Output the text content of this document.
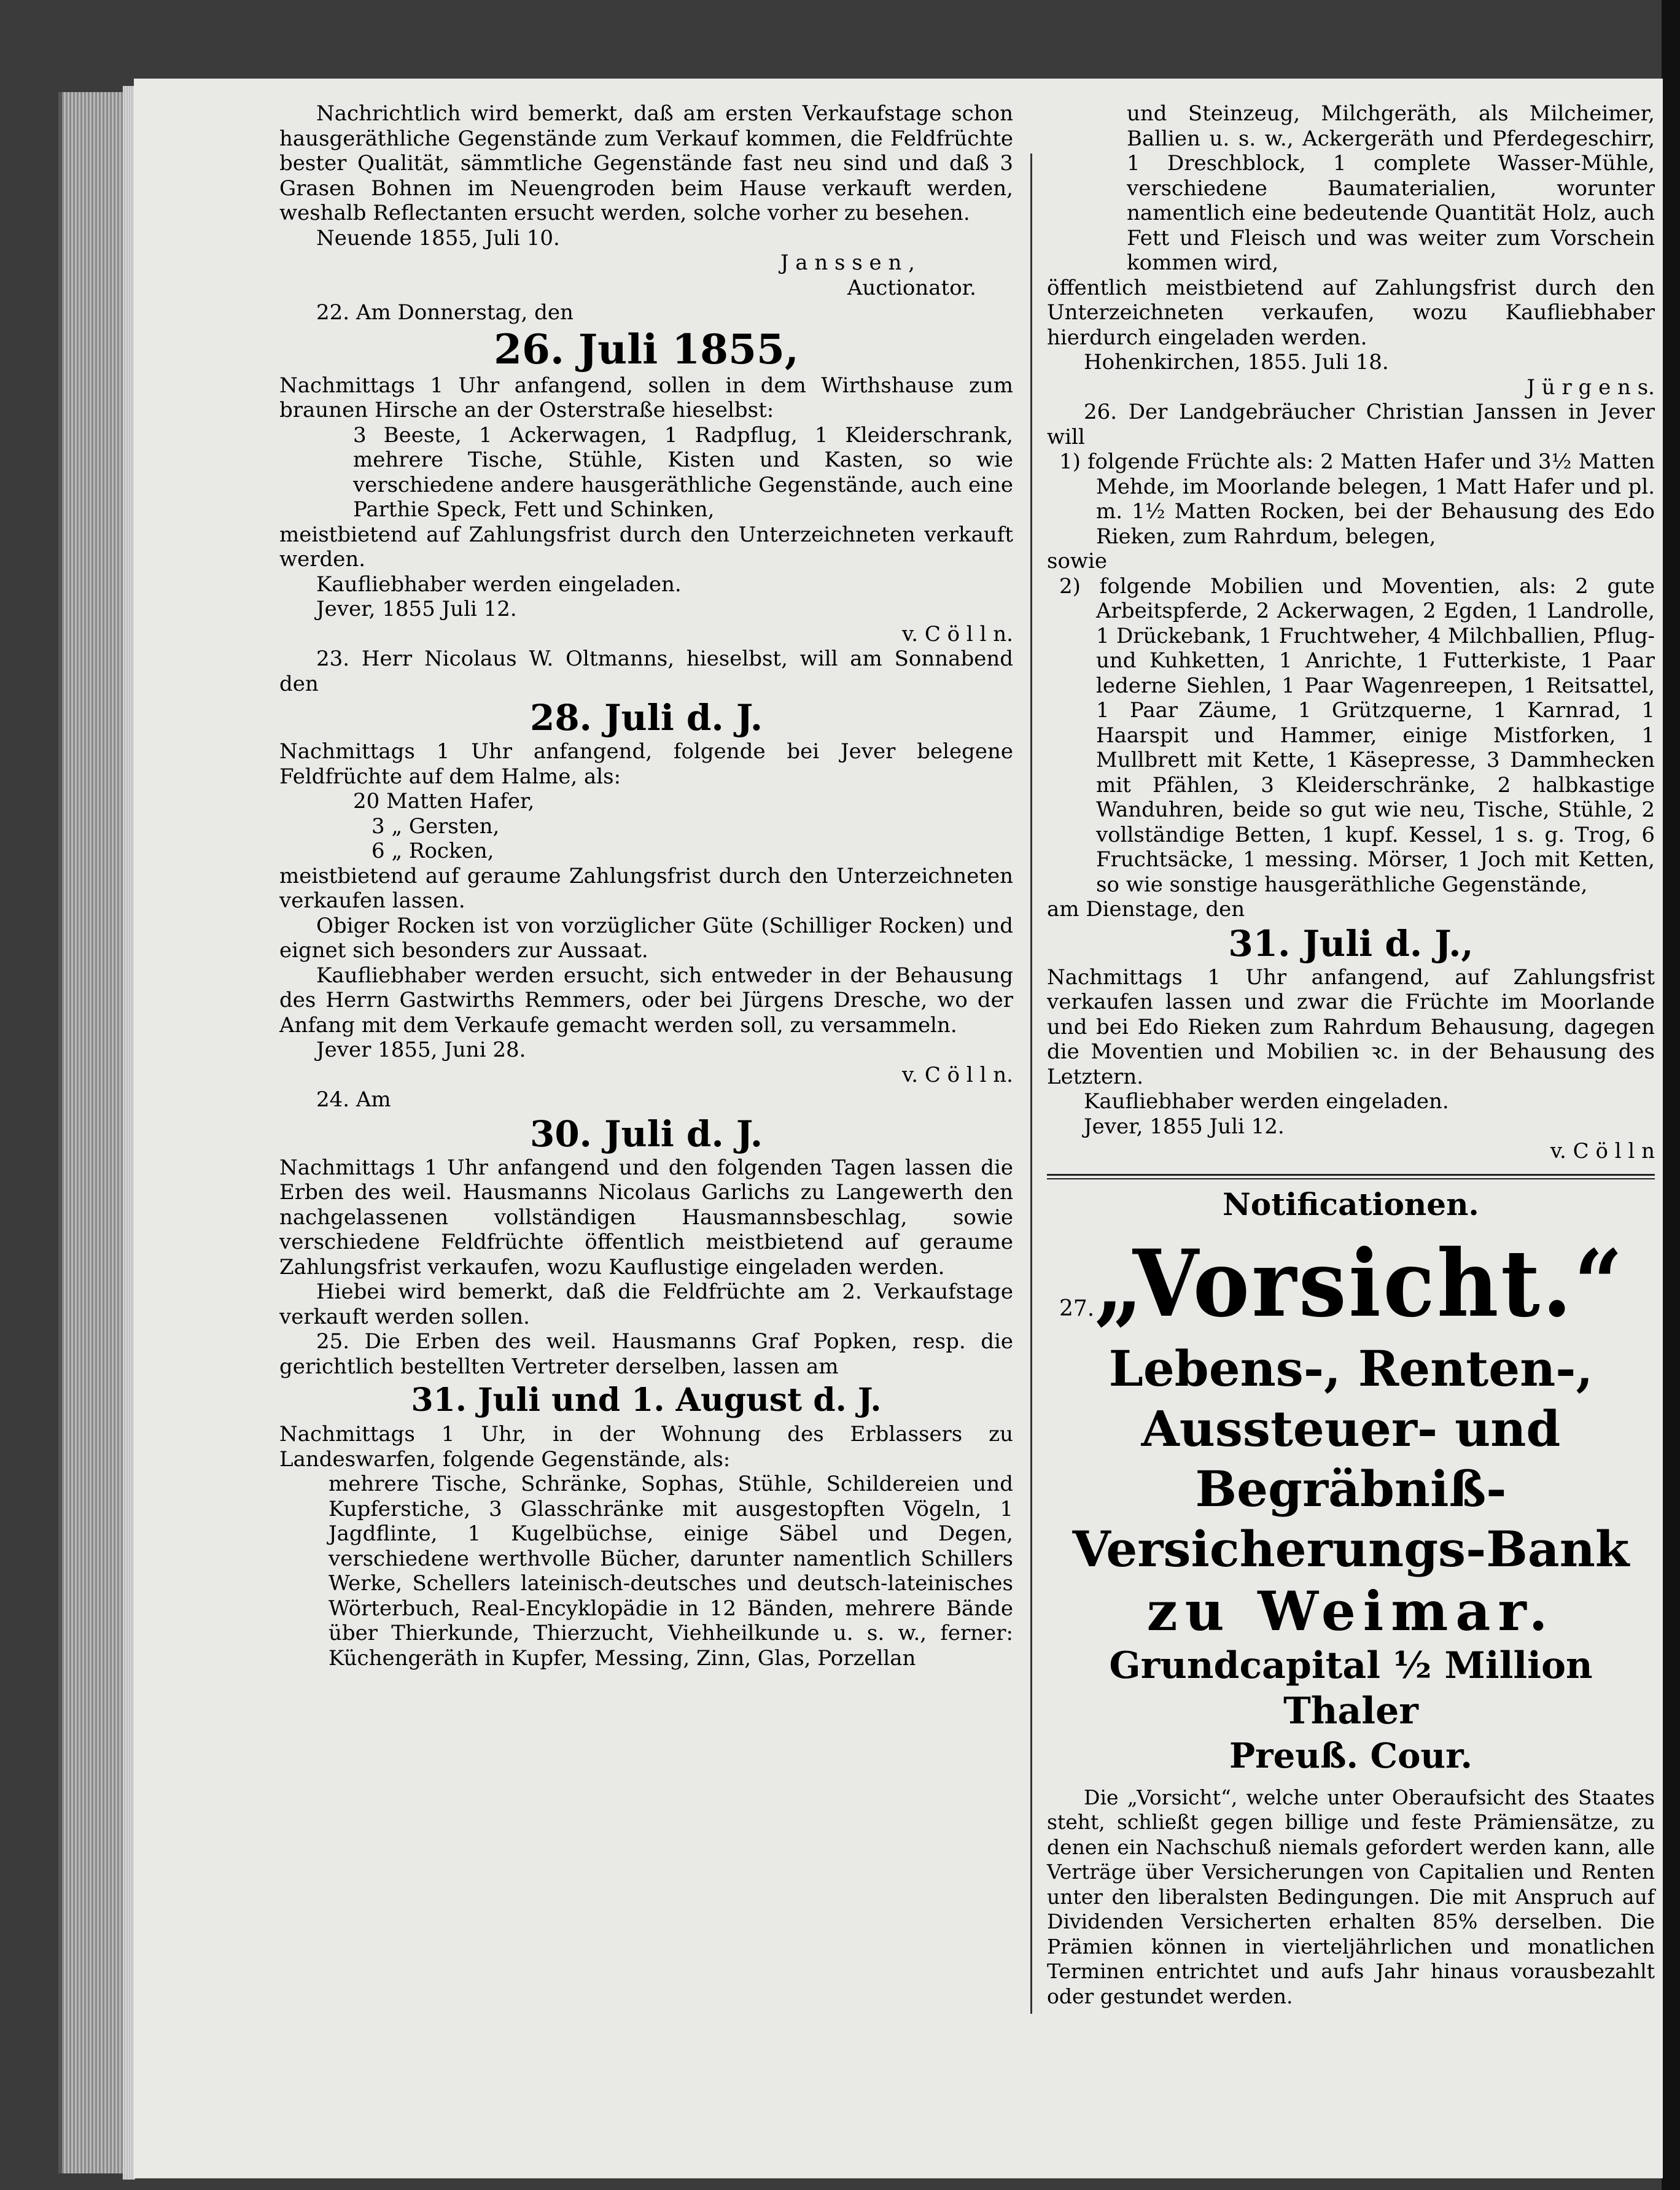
Nachrichtlich wird bemerkt, daß am ersten Verkaufstage schon hausgeräthliche Gegenstände zum Verkauf kommen, die Feldfrüchte bester Qualität, sämmtliche Gegenstände fast neu sind und daß 3 Grasen Bohnen im Neuengroden beim Hause verkauft werden, weshalb Reflectanten ersucht werden, solche vorher zu besehen.

Neuende 1855, Juli 10.

J a n s s e n ,

Auctionator.

22. Am Donnerstag, den

26. Juli 1855,

Nachmittags 1 Uhr anfangend, sollen in dem Wirthshause zum braunen Hirsche an der Osterstraße hieselbst:

3 Beeste, 1 Ackerwagen, 1 Radpflug, 1 Kleiderschrank, mehrere Tische, Stühle, Kisten und Kasten, so wie verschiedene andere hausgeräthliche Gegenstände, auch eine Parthie Speck, Fett und Schinken,

meistbietend auf Zahlungsfrist durch den Unterzeichneten verkauft werden.

Kaufliebhaber werden eingeladen.

Jever, 1855 Juli 12.

v. C ö l l n.

23. Herr Nicolaus W. Oltmanns, hieselbst, will am Sonnabend den

28. Juli d. J.

Nachmittags 1 Uhr anfangend, folgende bei Jever belegene Feldfrüchte auf dem Halme, als:

20 Matten Hafer,

3 „ Gersten,

6 „ Rocken,

meistbietend auf geraume Zahlungsfrist durch den Unterzeichneten verkaufen lassen.

Obiger Rocken ist von vorzüglicher Güte (Schilliger Rocken) und eignet sich besonders zur Aussaat.

Kaufliebhaber werden ersucht, sich entweder in der Behausung des Herrn Gastwirths Remmers, oder bei Jürgens Dresche, wo der Anfang mit dem Verkaufe gemacht werden soll, zu versammeln.

Jever 1855, Juni 28.

v. C ö l l n.

24. Am

30. Juli d. J.

Nachmittags 1 Uhr anfangend und den folgenden Tagen lassen die Erben des weil. Hausmanns Nicolaus Garlichs zu Langewerth den nachgelassenen vollständigen Hausmannsbeschlag, sowie verschiedene Feldfrüchte öffentlich meistbietend auf geraume Zahlungsfrist verkaufen, wozu Kauflustige eingeladen werden.

Hiebei wird bemerkt, daß die Feldfrüchte am 2. Verkaufstage verkauft werden sollen.

25. Die Erben des weil. Hausmanns Graf Popken, resp. die gerichtlich bestellten Vertreter derselben, lassen am

31. Juli und 1. August d. J.

Nachmittags 1 Uhr, in der Wohnung des Erblassers zu Landeswarfen, folgende Gegenstände, als:

mehrere Tische, Schränke, Sophas, Stühle, Schildereien und Kupferstiche, 3 Glasschränke mit ausgestopften Vögeln, 1 Jagdflinte, 1 Kugelbüchse, einige Säbel und Degen, verschiedene werthvolle Bücher, darunter namentlich Schillers Werke, Schellers lateinisch-deutsches und deutsch-lateinisches Wörterbuch, Real-Encyklopädie in 12 Bänden, mehrere Bände über Thierkunde, Thierzucht, Viehheilkunde u. s. w., ferner: Küchengeräth in Kupfer, Messing, Zinn, Glas, Porzellan

und Steinzeug, Milchgeräth, als Milcheimer, Ballien u. s. w., Ackergeräth und Pferdegeschirr, 1 Dreschblock, 1 complete Wasser-Mühle, verschiedene Baumaterialien, worunter namentlich eine bedeutende Quantität Holz, auch Fett und Fleisch und was weiter zum Vorschein kommen wird,

öffentlich meistbietend auf Zahlungsfrist durch den Unterzeichneten verkaufen, wozu Kaufliebhaber hierdurch eingeladen werden.

Hohenkirchen, 1855. Juli 18.

J ü r g e n s.

26. Der Landgebräucher Christian Janssen in Jever will

1) folgende Früchte als: 2 Matten Hafer und 3½ Matten Mehde, im Moorlande belegen, 1 Matt Hafer und pl. m. 1½ Matten Rocken, bei der Behausung des Edo Rieken, zum Rahrdum, belegen,

sowie

2) folgende Mobilien und Moventien, als: 2 gute Arbeitspferde, 2 Ackerwagen, 2 Egden, 1 Landrolle, 1 Drückebank, 1 Fruchtweher, 4 Milchballien, Pflug- und Kuhketten, 1 Anrichte, 1 Futterkiste, 1 Paar lederne Siehlen, 1 Paar Wagenreepen, 1 Reitsattel, 1 Paar Zäume, 1 Grützquerne, 1 Karnrad, 1 Haarspit und Hammer, einige Mistforken, 1 Mullbrett mit Kette, 1 Käsepresse, 3 Dammhecken mit Pfählen, 3 Kleiderschränke, 2 halbkastige Wanduhren, beide so gut wie neu, Tische, Stühle, 2 vollständige Betten, 1 kupf. Kessel, 1 s. g. Trog, 6 Fruchtsäcke, 1 messing. Mörser, 1 Joch mit Ketten, so wie sonstige hausgeräthliche Gegenstände,

am Dienstage, den

31. Juli d. J.,

Nachmittags 1 Uhr anfangend, auf Zahlungsfrist verkaufen lassen und zwar die Früchte im Moorlande und bei Edo Rieken zum Rahrdum Behausung, dagegen die Moventien und Mobilien ꝛc. in der Behausung des Letztern.

Kaufliebhaber werden eingeladen.

Jever, 1855 Juli 12.

v. C ö l l n

Notificationen.

27. „Vorsicht.“

Lebens-, Renten-, Aussteuer- und Begräbniß-Versicherungs-Bank

zu Weimar.

Grundcapital ½ Million Thaler

Preuß. Cour.

Die „Vorsicht“, welche unter Oberaufsicht des Staates steht, schließt gegen billige und feste Prämiensätze, zu denen ein Nachschuß niemals gefordert werden kann, alle Verträge über Versicherungen von Capitalien und Renten unter den liberalsten Bedingungen. Die mit Anspruch auf Dividenden Versicherten erhalten 85% derselben. Die Prämien können in vierteljährlichen und monatlichen Terminen entrichtet und aufs Jahr hinaus vorausbezahlt oder gestundet werden.
